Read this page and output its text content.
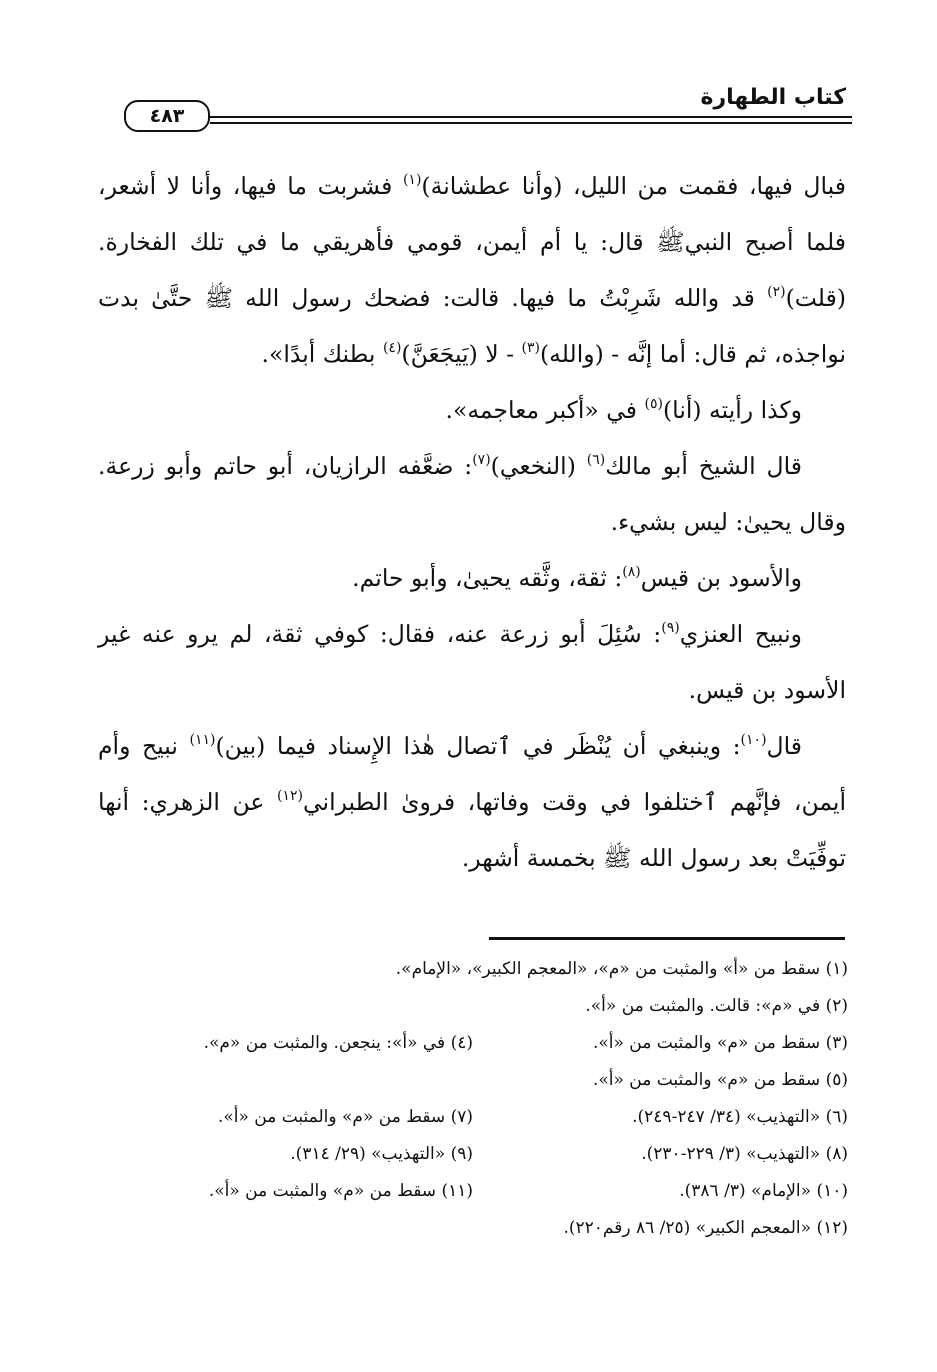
كتاب الطهارة
٤٨٣

فبال فيها، فقمت من الليل، (وأنا عطشانة)$^{(١)}$ فشربت ما فيها، وأنا لا أشعر، فلما أصبح النبيﷺ قال: يا أم أيمن، قومي فأهريقي ما في تلك الفخارة. (قلت)$^{(٢)}$ قد والله شَرِبْتُ ما فيها. قالت: فضحك رسول الله ﷺ حتَّىٰ بدت نواجذه، ثم قال: أما إنَّه - (والله)$^{(٣)}$ - لا (يَيجَعَنَّ)$^{(٤)}$ بطنك أبدًا».

وكذا رأيته (أنا)$^{(٥)}$ في «أكبر معاجمه».

قال الشيخ أبو مالك$^{(٦)}$ (النخعي)$^{(٧)}$: ضعَّفه الرازيان، أبو حاتم وأبو زرعة. وقال يحيىٰ: ليس بشيء.

والأسود بن قيس$^{(٨)}$: ثقة، وثَّقه يحيىٰ، وأبو حاتم.

ونبيح العنزي$^{(٩)}$: سُئِلَ أبو زرعة عنه، فقال: كوفي ثقة، لم يرو عنه غير الأسود بن قيس.

قال$^{(١٠)}$: وينبغي أن يُنْظَر في ٱتصال هٰذا الإِسناد فيما (بين)$^{(١١)}$ نبيح وأم أيمن، فإنَّهم ٱختلفوا في وقت وفاتها، فروىٰ الطبراني$^{(١٢)}$ عن الزهري: أنها توفِّيَتْ بعد رسول الله ﷺ بخمسة أشهر.

(١) سقط من «أ» والمثبت من «م»، «المعجم الكبير»، «الإمام».
(٢) في «م»: قالت. والمثبت من «أ».
(٣) سقط من «م» والمثبت من «أ».
(٤) في «أ»: ينجعن. والمثبت من «م».
(٥) سقط من «م» والمثبت من «أ».
(٦) «التهذيب» (٣٤/ ٢٤٧-٢٤٩).
(٧) سقط من «م» والمثبت من «أ».
(٨) «التهذيب» (٣/ ٢٢٩-٢٣٠).
(٩) «التهذيب» (٢٩/ ٣١٤).
(١٠) «الإمام» (٣/ ٣٨٦).
(١١) سقط من «م» والمثبت من «أ».
(١٢) «المعجم الكبير» (٢٥/ ٨٦ رقم٢٢٠).
